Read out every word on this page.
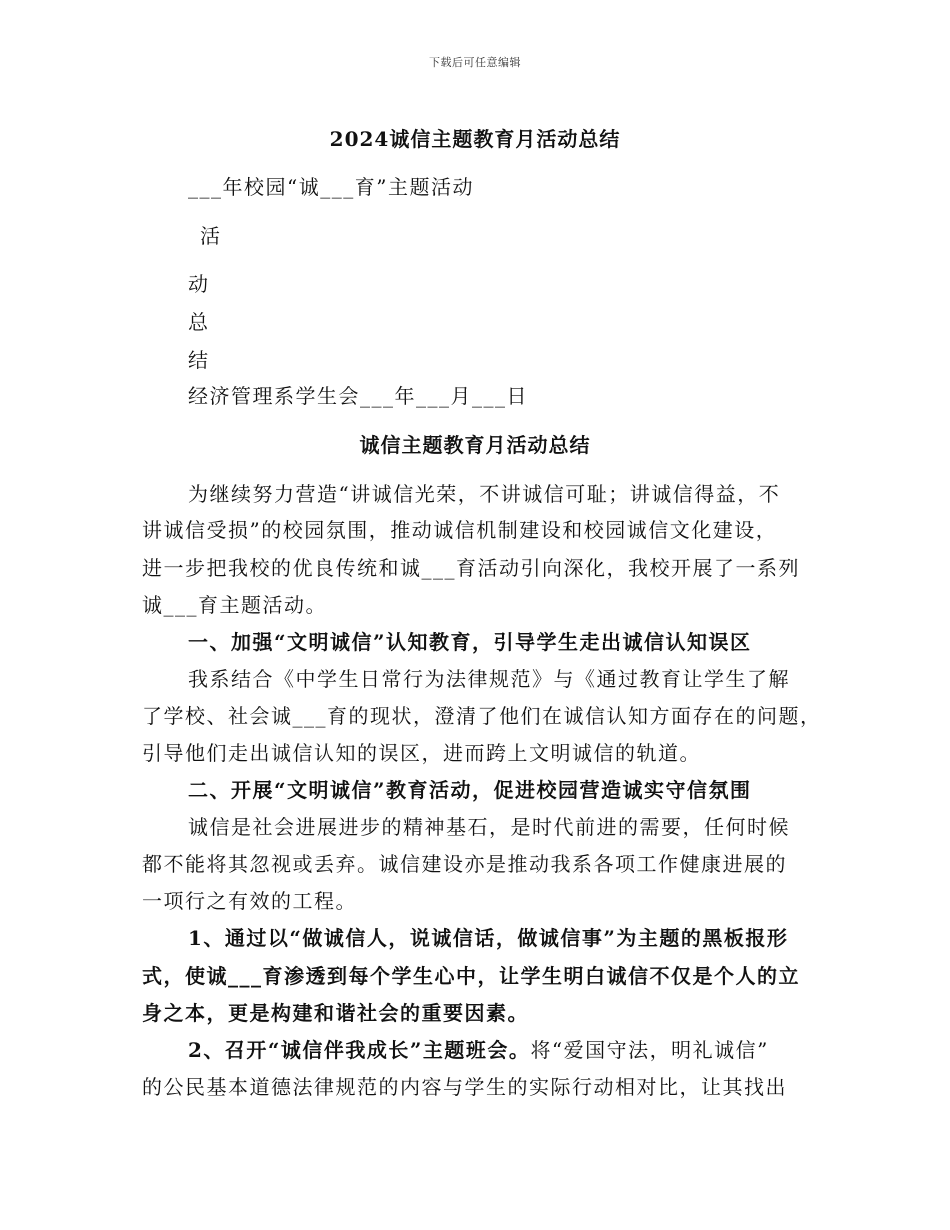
下载后可任意编辑
2024诚信主题教育月活动总结
___年校园“诚___育”主题活动
活
动
总
结
经济管理系学生会___年___月___日
诚信主题教育月活动总结
为继续努力营造“讲诚信光荣，不讲诚信可耻；讲诚信得益，不
讲诚信受损”的校园氛围，推动诚信机制建设和校园诚信文化建设，
进一步把我校的优良传统和诚___育活动引向深化，我校开展了一系列
诚___育主题活动。
一、加强“文明诚信”认知教育，引导学生走出诚信认知误区
我系结合《中学生日常行为法律规范》与《通过教育让学生了解
了学校、社会诚___育的现状，澄清了他们在诚信认知方面存在的问题，
引导他们走出诚信认知的误区，进而跨上文明诚信的轨道。
二、开展“文明诚信”教育活动，促进校园营造诚实守信氛围
诚信是社会进展进步的精神基石，是时代前进的需要，任何时候
都不能将其忽视或丢弃。诚信建设亦是推动我系各项工作健康进展的
一项行之有效的工程。
1、通过以“做诚信人，说诚信话，做诚信事”为主题的黑板报形
式，使诚___育渗透到每个学生心中，让学生明白诚信不仅是个人的立
身之本，更是构建和谐社会的重要因素。
2、召开“诚信伴我成长”主题班会。将“爱国守法，明礼诚信”
的公民基本道德法律规范的内容与学生的实际行动相对比，让其找出
